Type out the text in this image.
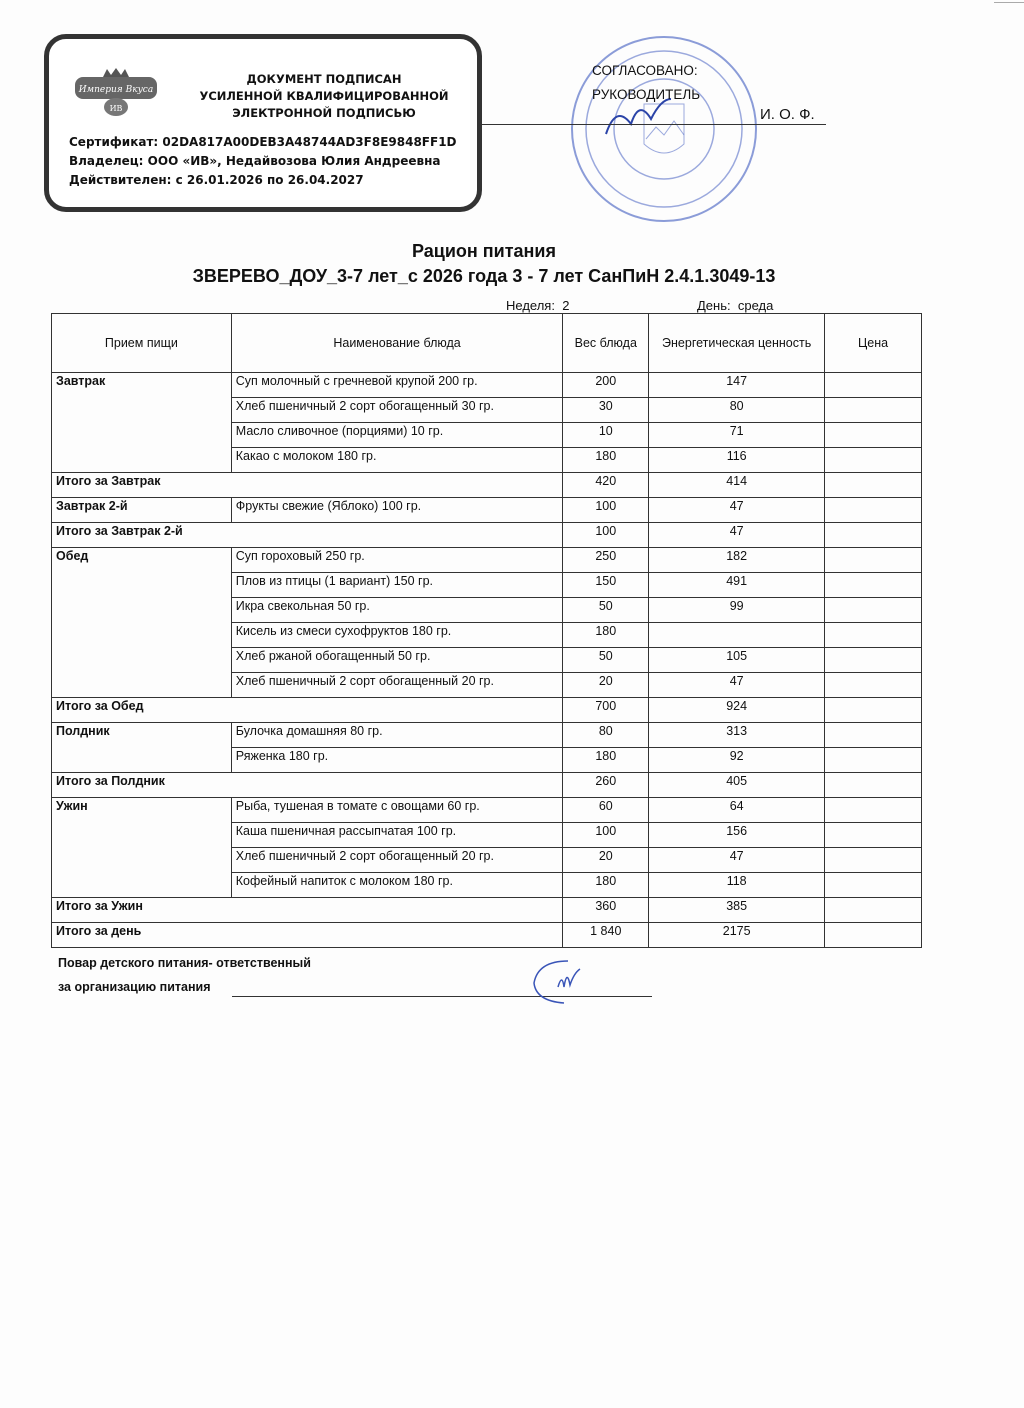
Империя Вкуса
ИВ
ДОКУМЕНТ ПОДПИСАН
УСИЛЕННОЙ КВАЛИФИЦИРОВАННОЙ
ЭЛЕКТРОННОЙ ПОДПИСЬЮ
Сертификат: 02DA817A00DEB3A48744AD3F8E9848FF1D
Владелец: ООО «ИВ», Недайвозова Юлия Андреевна
Действителен: с 26.01.2026 по 26.04.2027
СОГЛАСОВАНО:
РУКОВОДИТЕЛЬ
И. О. Ф.
Рацион питания
ЗВЕРЕВО_ДОУ_3-7 лет_с 2026 года 3 - 7 лет СанПиН 2.4.1.3049-13
Неделя: 2	День: среда
Прием пищи	Наименование блюда	Вес блюда	Энергетическая ценность	Цена
Завтрак	Суп молочный с гречневой крупой 200 гр.	200	147	
	Хлеб пшеничный 2 сорт обогащенный 30 гр.	30	80	
	Масло сливочное (порциями) 10 гр.	10	71	
	Какао с молоком 180 гр.	180	116	
Итого за Завтрак		420	414	
Завтрак 2-й	Фрукты свежие (Яблоко) 100 гр.	100	47	
Итого за Завтрак 2-й		100	47	
Обед	Суп гороховый 250 гр.	250	182	
	Плов из птицы (1 вариант) 150 гр.	150	491	
	Икра свекольная 50 гр.	50	99	
	Кисель из смеси сухофруктов 180 гр.	180		
	Хлеб ржаной обогащенный 50 гр.	50	105	
	Хлеб пшеничный 2 сорт обогащенный 20 гр.	20	47	
Итого за Обед		700	924	
Полдник	Булочка домашняя 80 гр.	80	313	
	Ряженка 180 гр.	180	92	
Итого за Полдник		260	405	
Ужин	Рыба, тушеная в томате с овощами 60 гр.	60	64	
	Каша пшеничная рассыпчатая 100 гр.	100	156	
	Хлеб пшеничный 2 сорт обогащенный 20 гр.	20	47	
	Кофейный напиток с молоком 180 гр.	180	118	
Итого за Ужин		360	385	
Итого за день		1 840	2175	
Повар детского питания- ответственный
за организацию питания
